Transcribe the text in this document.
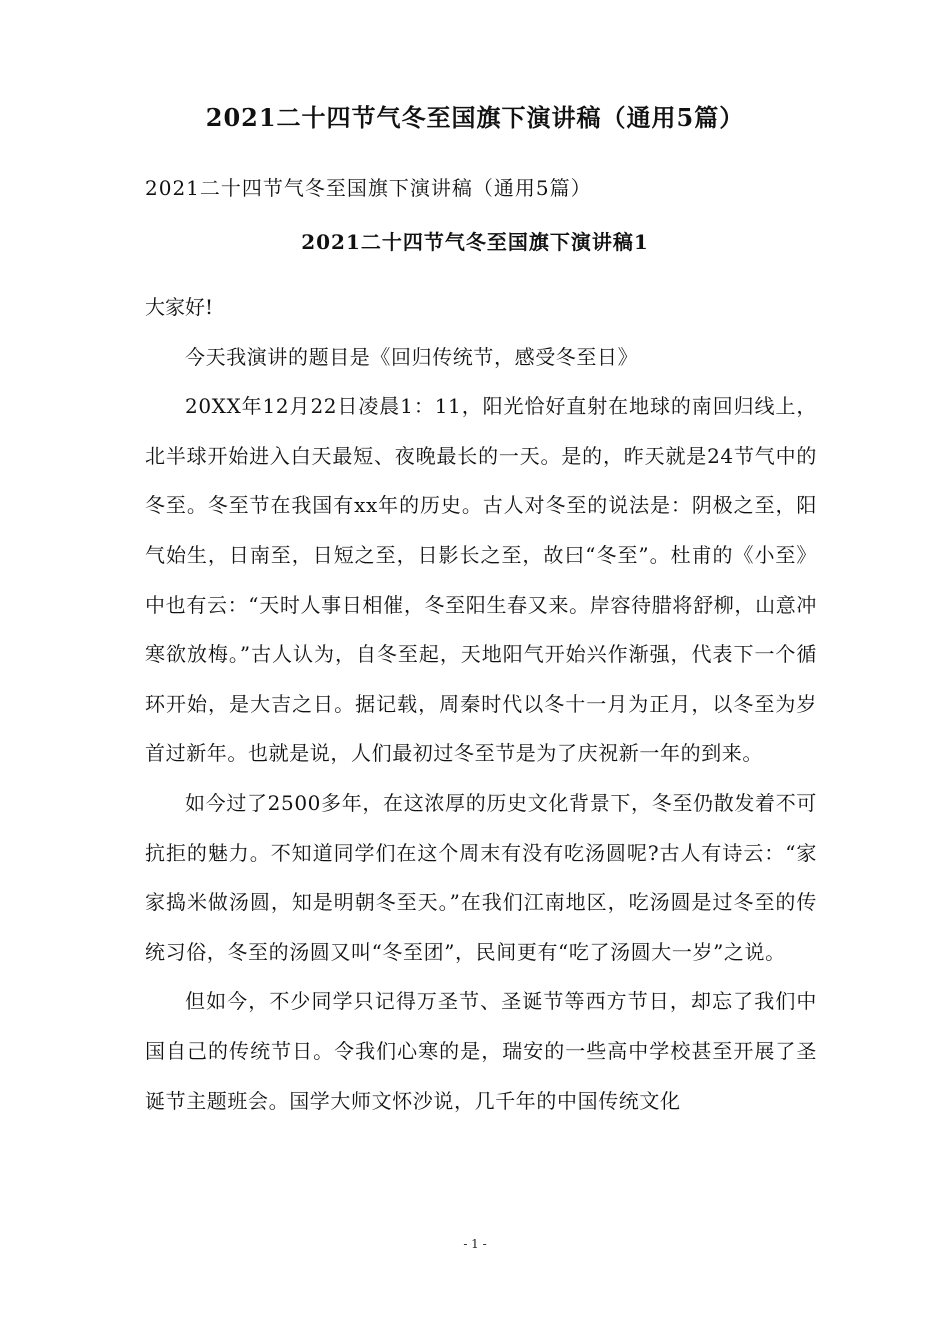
2021二十四节气冬至国旗下演讲稿（通用5篇）
2021二十四节气冬至国旗下演讲稿（通用5篇）
2021二十四节气冬至国旗下演讲稿1

大家好!

今天我演讲的题目是《回归传统节，感受冬至日》

20XX年12月22日凌晨1：11，阳光恰好直射在地球的南回归线上，北半球开始进入白天最短、夜晚最长的一天。是的，昨天就是24节气中的冬至。冬至节在我国有xx年的历史。古人对冬至的说法是：阴极之至，阳气始生，日南至，日短之至，日影长之至，故曰“冬至”。杜甫的《小至》中也有云：“天时人事日相催，冬至阳生春又来。岸容待腊将舒柳，山意冲寒欲放梅。”古人认为，自冬至起，天地阳气开始兴作渐强，代表下一个循环开始，是大吉之日。据记载，周秦时代以冬十一月为正月，以冬至为岁首过新年。也就是说，人们最初过冬至节是为了庆祝新一年的到来。

如今过了2500多年，在这浓厚的历史文化背景下，冬至仍散发着不可抗拒的魅力。不知道同学们在这个周末有没有吃汤圆呢?古人有诗云：“家家捣米做汤圆，知是明朝冬至天。”在我们江南地区，吃汤圆是过冬至的传统习俗，冬至的汤圆又叫“冬至团”，民间更有“吃了汤圆大一岁”之说。

但如今，不少同学只记得万圣节、圣诞节等西方节日，却忘了我们中国自己的传统节日。令我们心寒的是，瑞安的一些高中学校甚至开展了圣诞节主题班会。国学大师文怀沙说，几千年的中国传统文化

- 1 -
